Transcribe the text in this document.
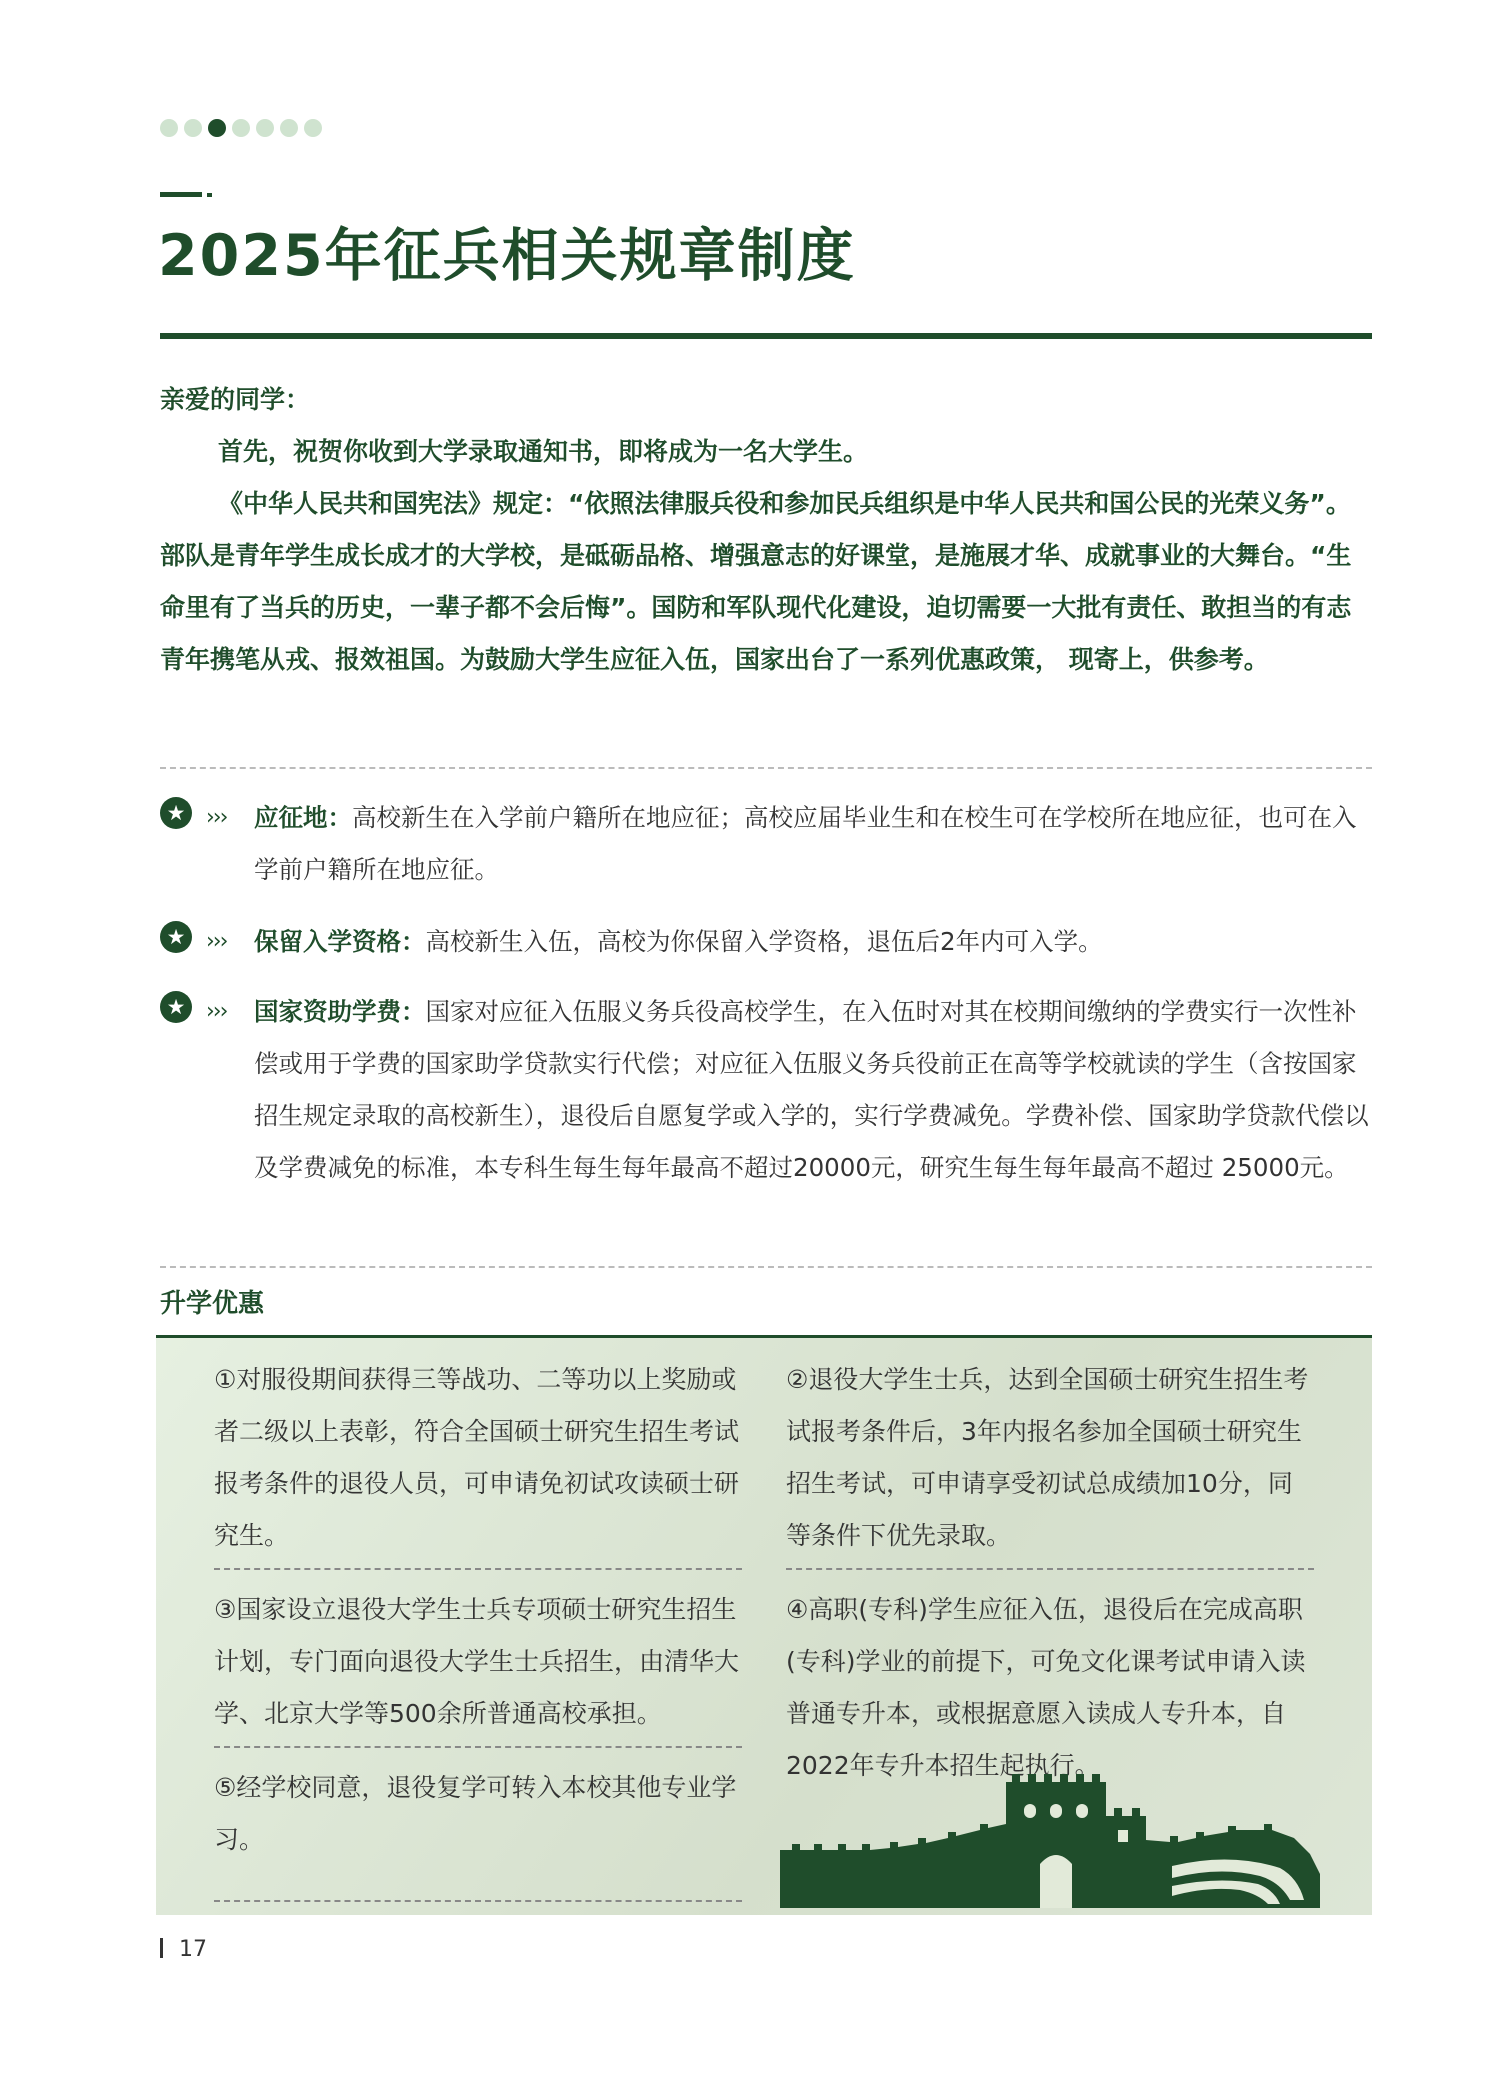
2025年征兵相关规章制度

亲爱的同学：

首先，祝贺你收到大学录取通知书，即将成为一名大学生。

《中华人民共和国宪法》规定：“依照法律服兵役和参加民兵组织是中华人民共和国公民的光荣义务”。部队是青年学生成长成才的大学校，是砥砺品格、增强意志的好课堂，是施展才华、成就事业的大舞台。“生命里有了当兵的历史，一辈子都不会后悔”。国防和军队现代化建设，迫切需要一大批有责任、敢担当的有志青年携笔从戎、报效祖国。为鼓励大学生应征入伍，国家出台了一系列优惠政策， 现寄上，供参考。

★ ››› 应征地：高校新生在入学前户籍所在地应征；高校应届毕业生和在校生可在学校所在地应征，也可在入学前户籍所在地应征。
★ ››› 保留入学资格：高校新生入伍，高校为你保留入学资格，退伍后2年内可入学。
★ ››› 国家资助学费：国家对应征入伍服义务兵役高校学生，在入伍时对其在校期间缴纳的学费实行一次性补偿或用于学费的国家助学贷款实行代偿；对应征入伍服义务兵役前正在高等学校就读的学生（含按国家招生规定录取的高校新生），退役后自愿复学或入学的，实行学费减免。学费补偿、国家助学贷款代偿以及学费减免的标准，本专科生每生每年最高不超过20000元，研究生每生每年最高不超过 25000元。
升学优惠

①对服役期间获得三等战功、二等功以上奖励或者二级以上表彰，符合全国硕士研究生招生考试报考条件的退役人员，可申请免初试攻读硕士研究生。

③国家设立退役大学生士兵专项硕士研究生招生计划，专门面向退役大学生士兵招生，由清华大学、北京大学等500余所普通高校承担。

⑤经学校同意，退役复学可转入本校其他专业学习。

②退役大学生士兵，达到全国硕士研究生招生考试报考条件后，3年内报名参加全国硕士研究生招生考试，可申请享受初试总成绩加10分，同等条件下优先录取。

④高职(专科)学生应征入伍，退役后在完成高职(专科)学业的前提下，可免文化课考试申请入读普通专升本，或根据意愿入读成人专升本，自2022年专升本招生起执行。

17
